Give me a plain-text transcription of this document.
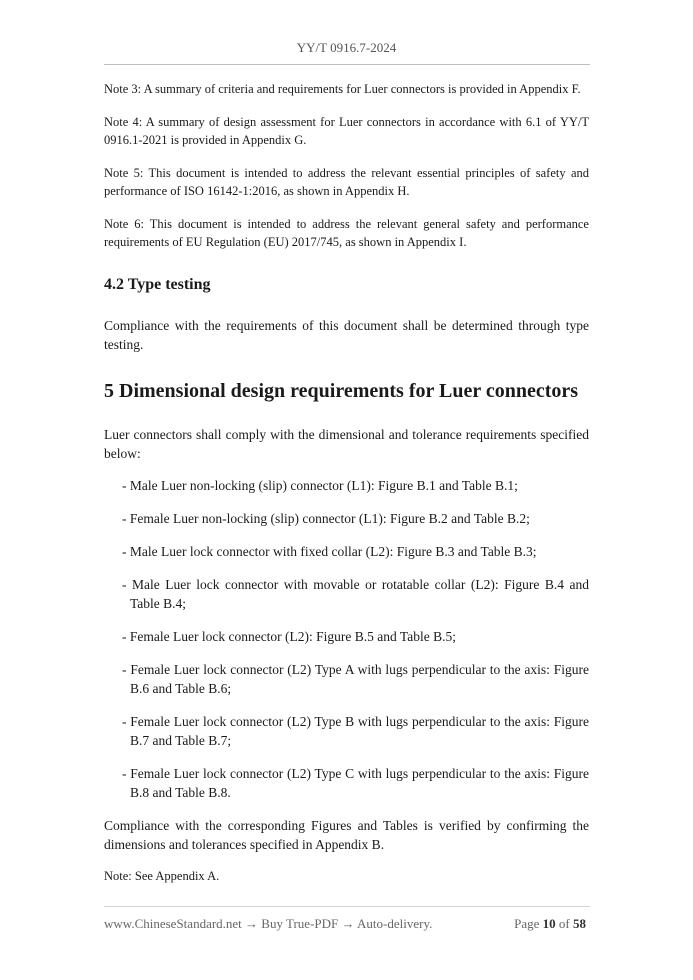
YY/T 0916.7-2024

Note 3: A summary of criteria and requirements for Luer connectors is provided in Appendix F.

Note 4: A summary of design assessment for Luer connectors in accordance with 6.1 of YY/T 0916.1-2021 is provided in Appendix G.

Note 5: This document is intended to address the relevant essential principles of safety and performance of ISO 16142-1:2016, as shown in Appendix H.

Note 6: This document is intended to address the relevant general safety and performance requirements of EU Regulation (EU) 2017/745, as shown in Appendix I.

4.2 Type testing

Compliance with the requirements of this document shall be determined through type testing.

5 Dimensional design requirements for Luer connectors

Luer connectors shall comply with the dimensional and tolerance requirements specified below:

- Male Luer non-locking (slip) connector (L1): Figure B.1 and Table B.1;
- Female Luer non-locking (slip) connector (L1): Figure B.2 and Table B.2;
- Male Luer lock connector with fixed collar (L2): Figure B.3 and Table B.3;
- Male Luer lock connector with movable or rotatable collar (L2): Figure B.4 and Table B.4;
- Female Luer lock connector (L2): Figure B.5 and Table B.5;
- Female Luer lock connector (L2) Type A with lugs perpendicular to the axis: Figure B.6 and Table B.6;
- Female Luer lock connector (L2) Type B with lugs perpendicular to the axis: Figure B.7 and Table B.7;
- Female Luer lock connector (L2) Type C with lugs perpendicular to the axis: Figure B.8 and Table B.8.

Compliance with the corresponding Figures and Tables is verified by confirming the dimensions and tolerances specified in Appendix B.

Note: See Appendix A.

www.ChineseStandard.net → Buy True-PDF → Auto-delivery.	Page 10 of 58
